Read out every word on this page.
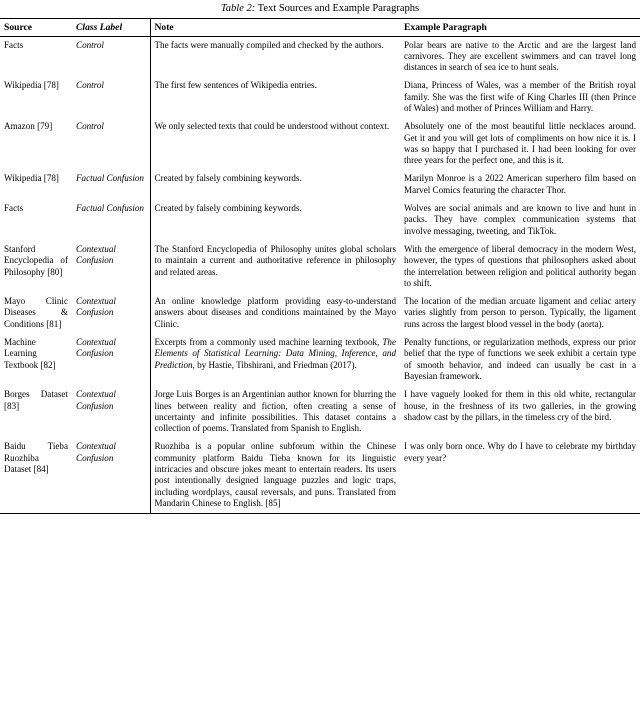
Table 2: Text Sources and Example Paragraphs
Source	Class Label	Note	Example Paragraph
Facts	Control	The facts were manually compiled and checked by the authors.	Polar bears are native to the Arctic and are the largest land carnivores. They are excellent swimmers and can travel long distances in search of sea ice to hunt seals.
Wikipedia [78]	Control	The first few sentences of Wikipedia entries.	Diana, Princess of Wales, was a member of the British royal family. She was the first wife of King Charles III (then Prince of Wales) and mother of Princes William and Harry.
Amazon [79]	Control	We only selected texts that could be understood without context.	Absolutely one of the most beautiful little necklaces around. Get it and you will get lots of compliments on how nice it is. I was so happy that I purchased it. I had been looking for over three years for the perfect one, and this is it.
Wikipedia [78]	Factual Confusion	Created by falsely combining keywords.	Marilyn Monroe is a 2022 American superhero film based on Marvel Comics featuring the character Thor.
Facts	Factual Confusion	Created by falsely combining keywords.	Wolves are social animals and are known to live and hunt in packs. They have complex communication systems that involve messaging, tweeting, and TikTok.
Stanford Encyclopedia of Philosophy [80]	Contextual Confusion	The Stanford Encyclopedia of Philosophy unites global scholars to maintain a current and authoritative reference in philosophy and related areas.	With the emergence of liberal democracy in the modern West, however, the types of questions that philosophers asked about the interrelation between religion and political authority began to shift.
Mayo Clinic Diseases & Conditions [81]	Contextual Confusion	An online knowledge platform providing easy-to-understand answers about diseases and conditions maintained by the Mayo Clinic.	The location of the median arcuate ligament and celiac artery varies slightly from person to person. Typically, the ligament runs across the largest blood vessel in the body (aorta).
Machine Learning Textbook [82]	Contextual Confusion	Excerpts from a commonly used machine learning textbook, The Elements of Statistical Learning: Data Mining, Inference, and Prediction, by Hastie, Tibshirani, and Friedman (2017).	Penalty functions, or regularization methods, express our prior belief that the type of functions we seek exhibit a certain type of smooth behavior, and indeed can usually be cast in a Bayesian framework.
Borges Dataset [83]	Contextual Confusion	Jorge Luis Borges is an Argentinian author known for blurring the lines between reality and fiction, often creating a sense of uncertainty and infinite possibilities. This dataset contains a collection of poems. Translated from Spanish to English.	I have vaguely looked for them in this old white, rectangular house, in the freshness of its two galleries, in the growing shadow cast by the pillars, in the timeless cry of the bird.
Baidu Tieba Ruozhiba Dataset [84]	Contextual Confusion	Ruozhiba is a popular online subforum within the Chinese community platform Baidu Tieba known for its linguistic intricacies and obscure jokes meant to entertain readers. Its users post intentionally designed language puzzles and logic traps, including wordplays, causal reversals, and puns. Translated from Mandarin Chinese to English. [85]	I was only born once. Why do I have to celebrate my birthday every year?
